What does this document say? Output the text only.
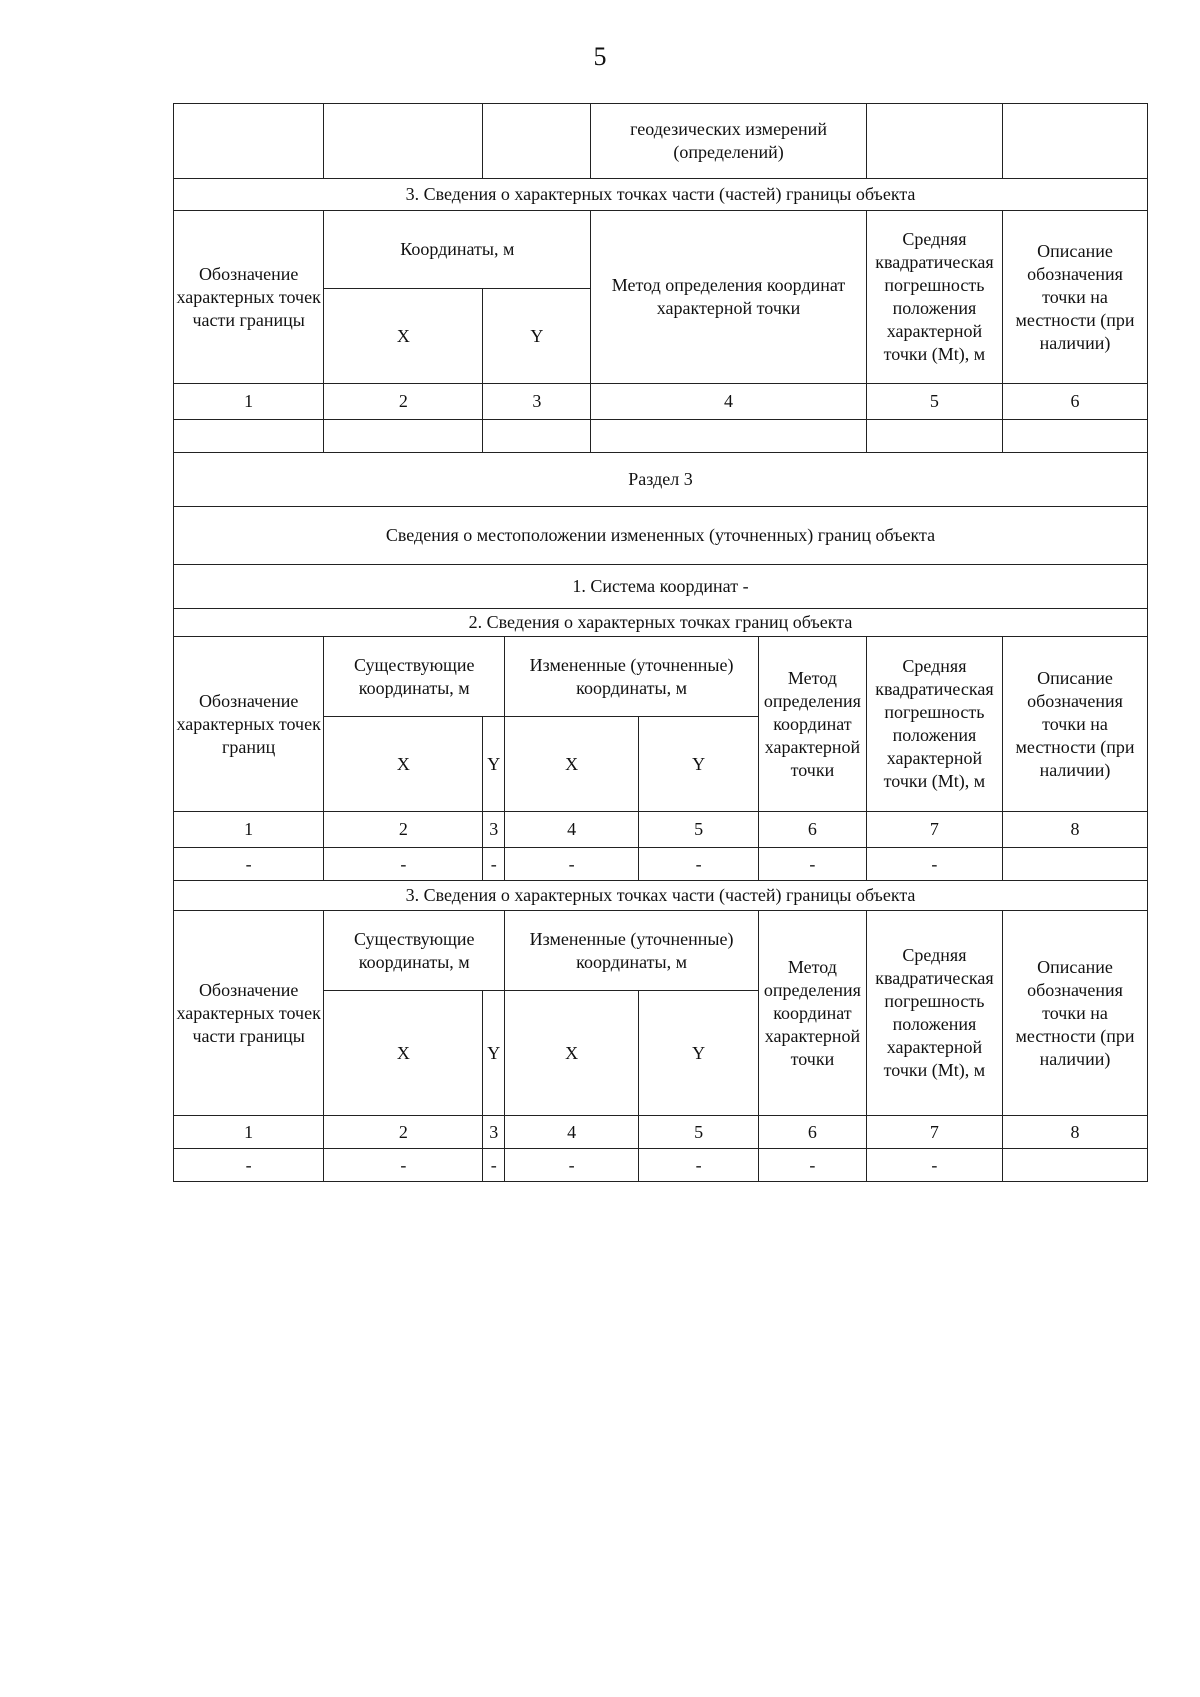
5
				геодезических измерений (определений)				
3. Сведения о характерных точках части (частей) границы объекта								
Обозначение характерных точек части границы	Координаты, м			Метод определения координат характерной точки			Средняя квадратическая погрешность положения характерной точки (Mt), м	Описание обозначения точки на местности (при наличии)
	X	Y						
1	2	3		4			5	6

Раздел 3								
Сведения о местоположении измененных (уточненных) границ объекта								
1. Система координат -								
2. Сведения о характерных точках границ объекта								
Обозначение характерных точек границ	Существующие координаты, м		Измененные (уточненные) координаты, м			Метод определения координат характерной точки	Средняя квадратическая погрешность положения характерной точки (Mt), м	Описание обозначения точки на местности (при наличии)
	X	Y	X		Y			
1	2	3	4		5	6	7	8
-	-	-	-		-	-	-	
3. Сведения о характерных точках части (частей) границы объекта								
Обозначение характерных точек части границы	Существующие координаты, м		Измененные (уточненные) координаты, м			Метод определения координат характерной точки	Средняя квадратическая погрешность положения характерной точки (Mt), м	Описание обозначения точки на местности (при наличии)
	X	Y	X		Y			
1	2	3	4		5	6	7	8
-	-	-	-		-	-	-	
